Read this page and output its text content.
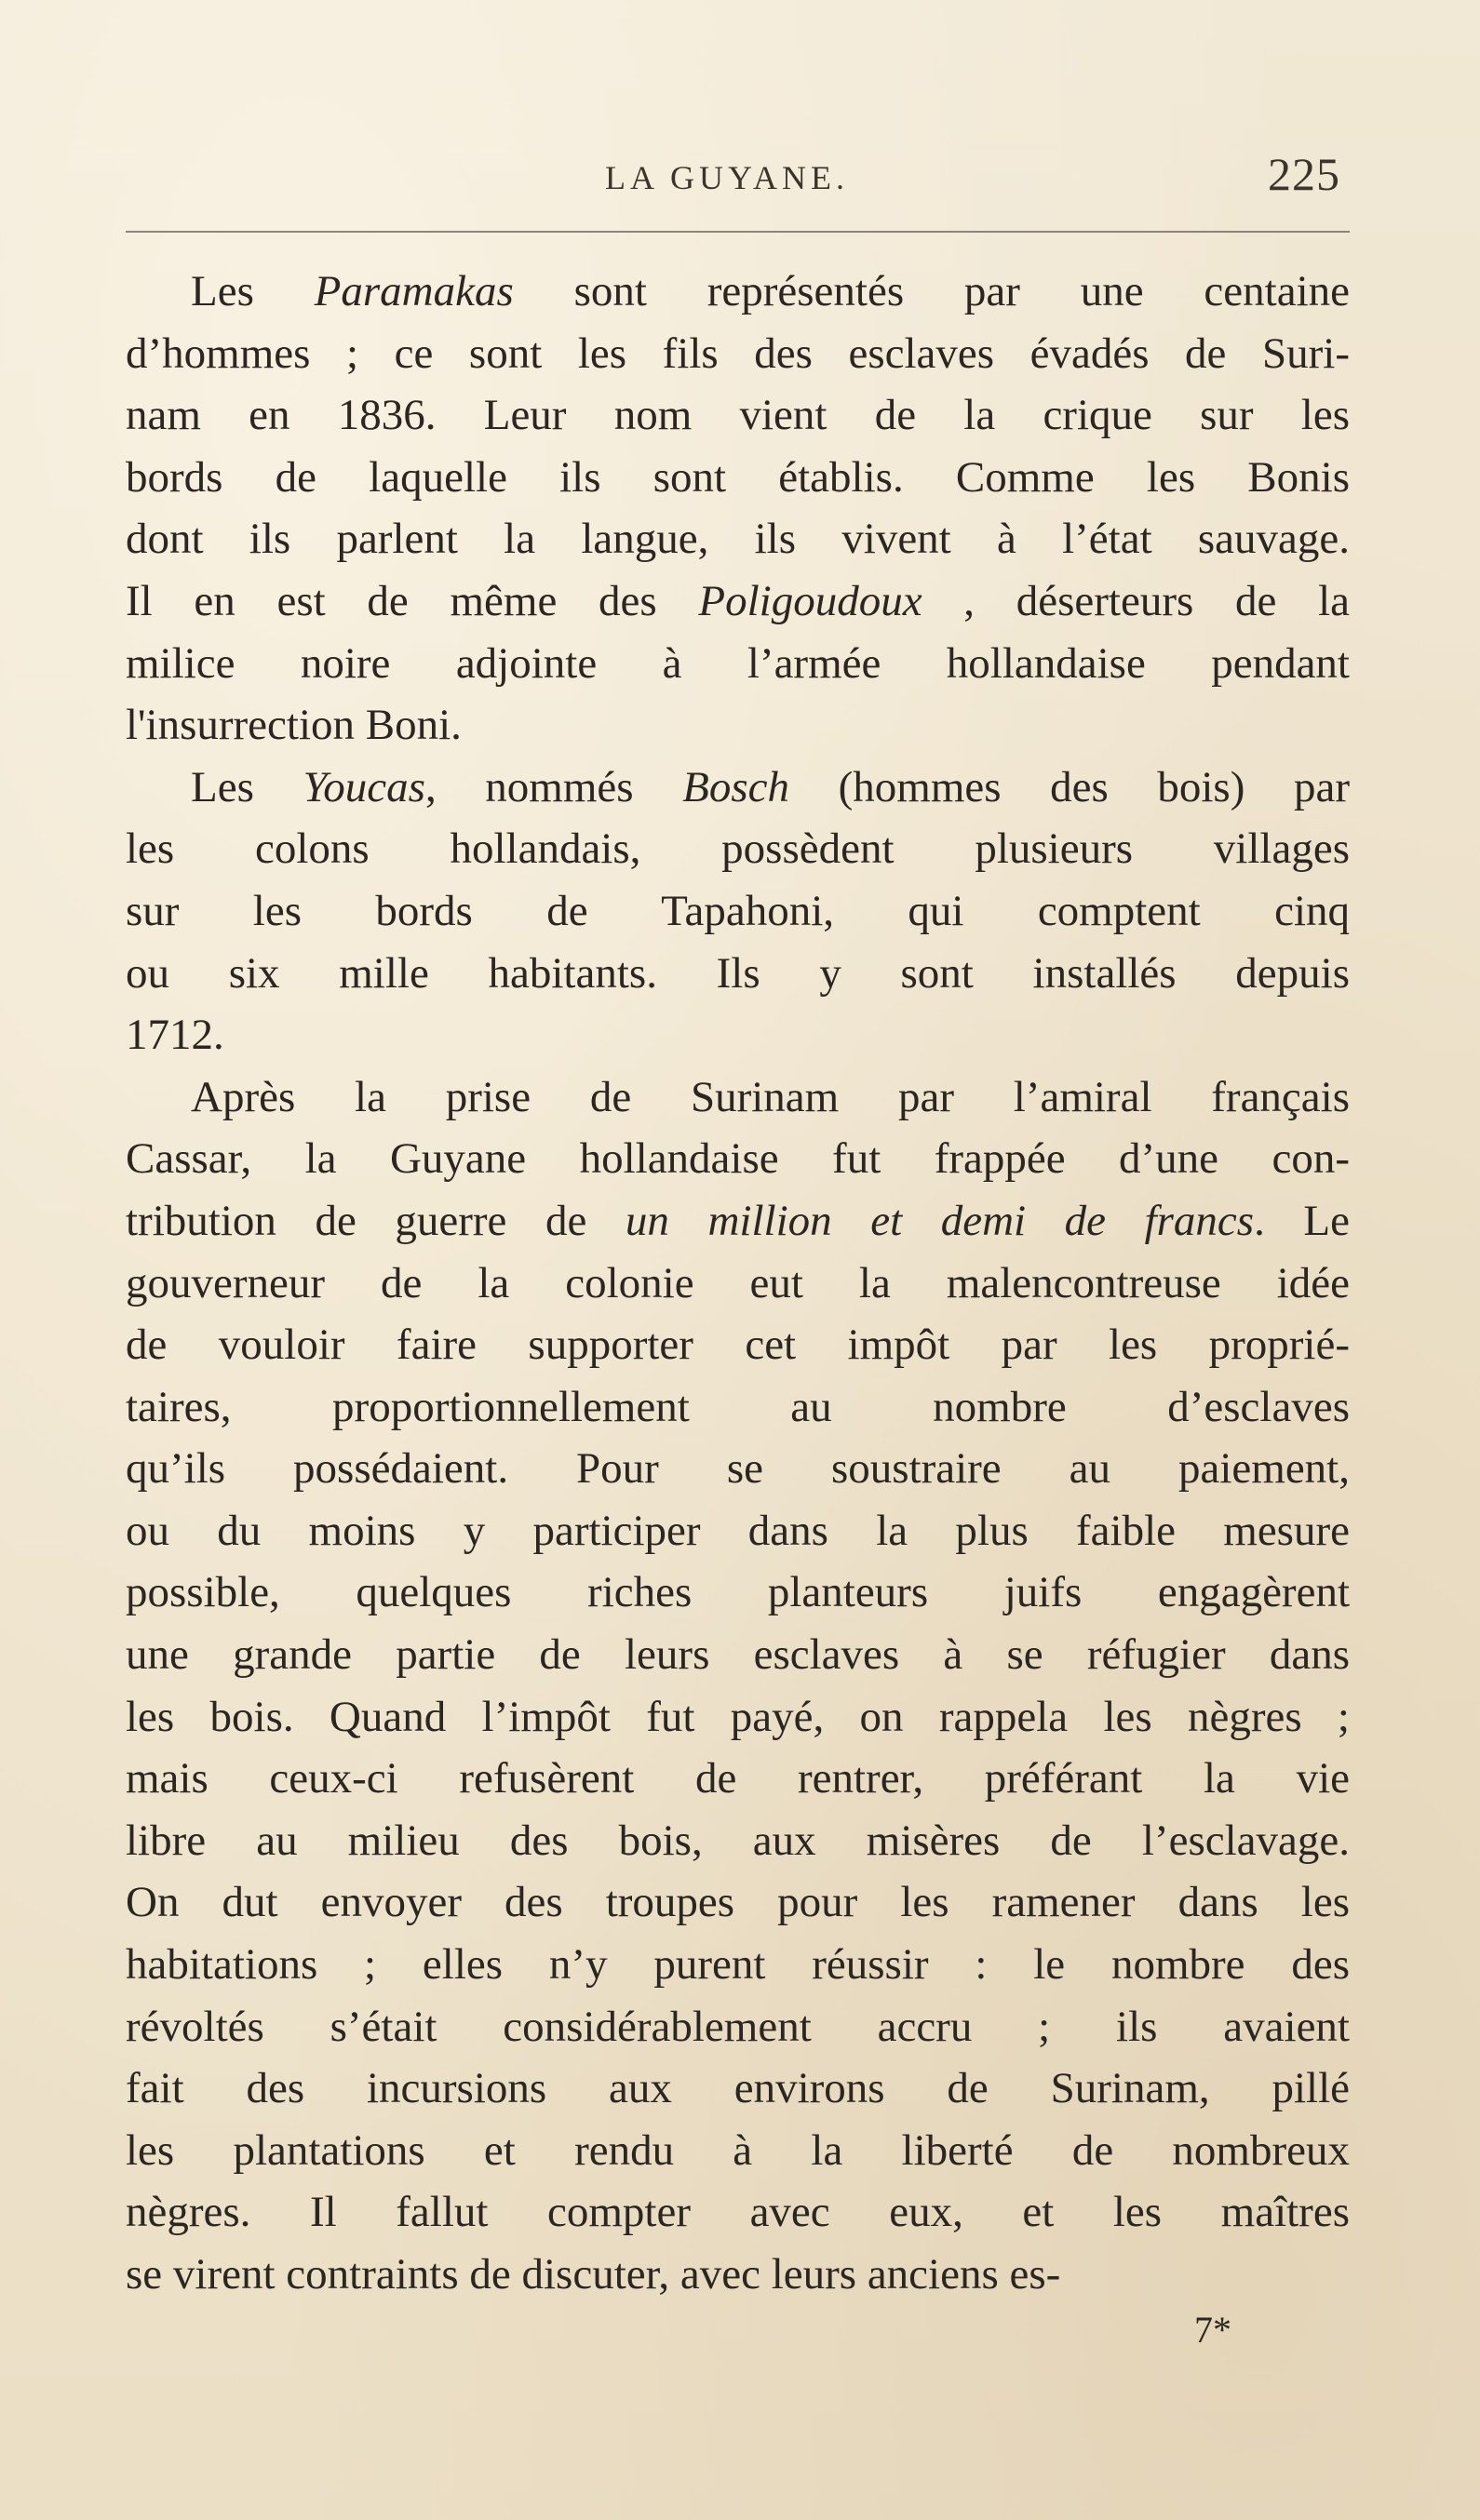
LA GUYANE.	225

Les Paramakas sont représentés par une centaine
d’hommes ; ce sont les fils des esclaves évadés de Suri-
nam en 1836. Leur nom vient de la crique sur les
bords de laquelle ils sont établis. Comme les Bonis
dont ils parlent la langue, ils vivent à l’état sauvage.
Il en est de même des Poligoudoux , déserteurs de la
milice noire adjointe à l’armée hollandaise pendant
l'insurrection Boni.

Les Youcas, nommés Bosch (hommes des bois) par
les colons hollandais, possèdent plusieurs villages
sur les bords de Tapahoni, qui comptent cinq
ou six mille habitants. Ils y sont installés depuis
1712.

Après la prise de Surinam par l’amiral français
Cassar, la Guyane hollandaise fut frappée d’une con-
tribution de guerre de un million et demi de francs. Le
gouverneur de la colonie eut la malencontreuse idée
de vouloir faire supporter cet impôt par les proprié-
taires, proportionnellement au nombre d’esclaves
qu’ils possédaient. Pour se soustraire au paiement,
ou du moins y participer dans la plus faible mesure
possible, quelques riches planteurs juifs engagèrent
une grande partie de leurs esclaves à se réfugier dans
les bois. Quand l’impôt fut payé, on rappela les nègres ;
mais ceux-ci refusèrent de rentrer, préférant la vie
libre au milieu des bois, aux misères de l’esclavage.
On dut envoyer des troupes pour les ramener dans les
habitations ; elles n’y purent réussir : le nombre des
révoltés s’était considérablement accru ; ils avaient
fait des incursions aux environs de Surinam, pillé
les plantations et rendu à la liberté de nombreux
nègres. Il fallut compter avec eux, et les maîtres
se virent contraints de discuter, avec leurs anciens es-

7*
